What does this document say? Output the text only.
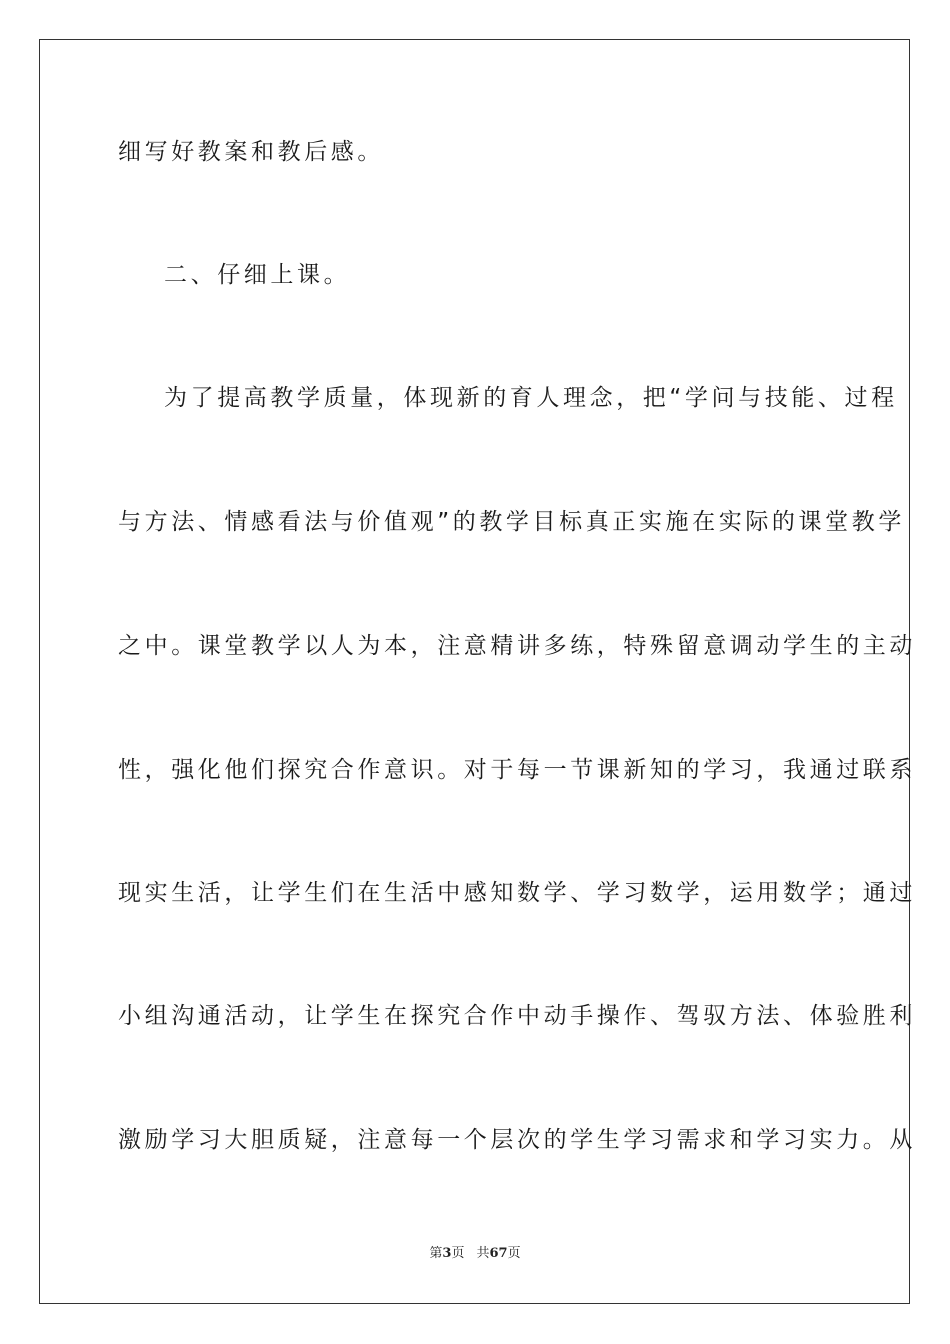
细写好教案和教后感。
二、仔细上课。
为了提高教学质量，体现新的育人理念，把“学问与技能、过程
与方法、情感看法与价值观”的教学目标真正实施在实际的课堂教学
之中。课堂教学以人为本，注意精讲多练，特殊留意调动学生的主动
性，强化他们探究合作意识。对于每一节课新知的学习，我通过联系
现实生活，让学生们在生活中感知数学、学习数学，运用数学；通过
小组沟通活动，让学生在探究合作中动手操作、驾驭方法、体验胜利
激励学习大胆质疑，注意每一个层次的学生学习需求和学习实力。从
第3页 共67页
